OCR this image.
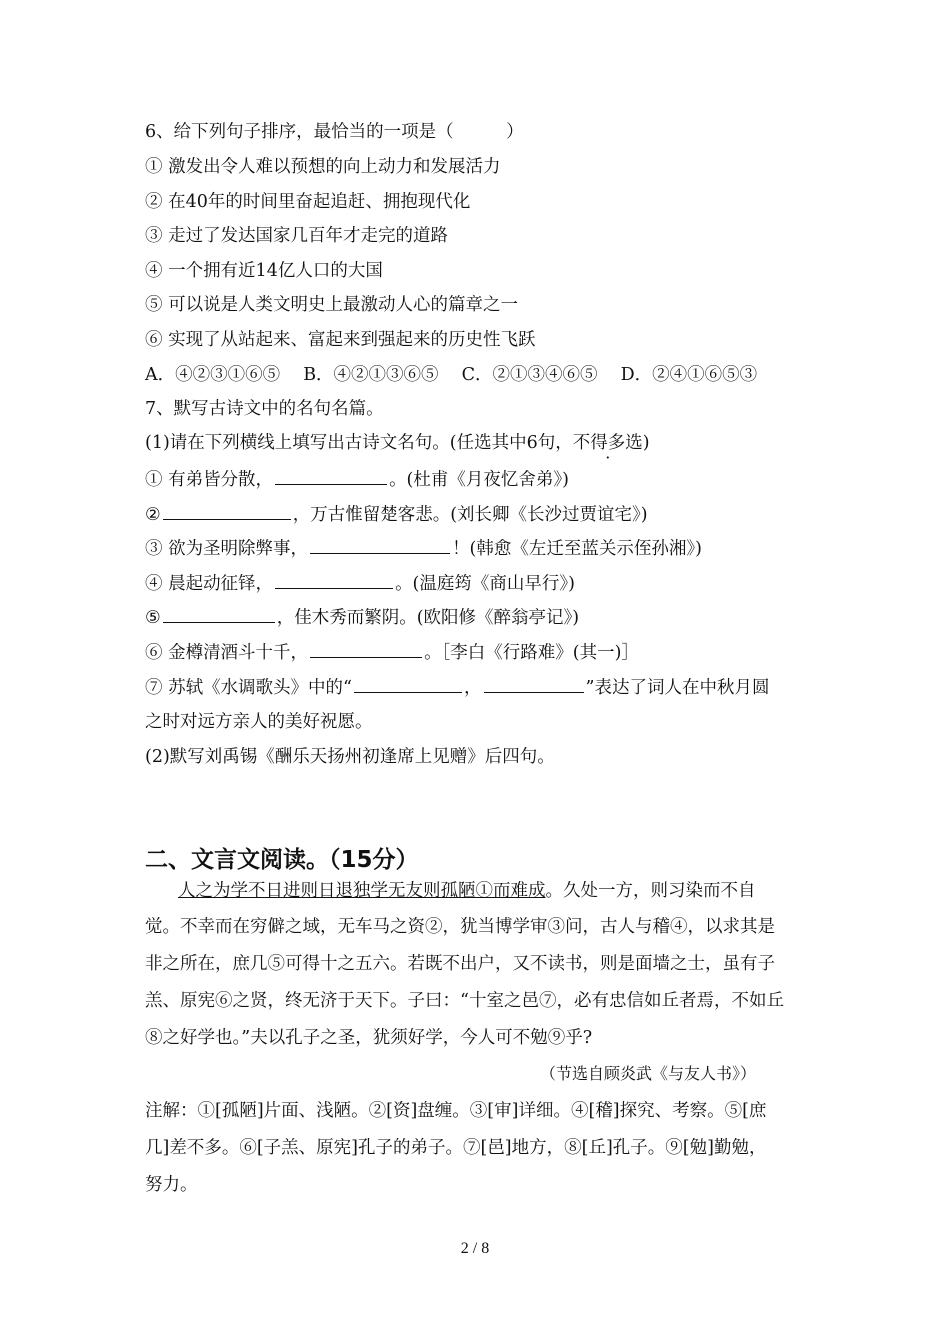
6、给下列句子排序，最恰当的一项是（　　　）
① 激发出令人难以预想的向上动力和发展活力
② 在40年的时间里奋起追赶、拥抱现代化
③ 走过了发达国家几百年才走完的道路
④ 一个拥有近14亿人口的大国
⑤ 可以说是人类文明史上最激动人心的篇章之一
⑥ 实现了从站起来、富起来到强起来的历史性飞跃
A．④②③①⑥⑤　 B．④②①③⑥⑤　 C．②①③④⑥⑤　 D．②④①⑥⑤③
7、默写古诗文中的名句名篇。
(1)请在下列横线上填写出古诗文名句。(任选其中6句，不得多选)
① 有弟皆分散，	。(杜甫《月夜忆舍弟》)
②	，万古惟留楚客悲。(刘长卿《长沙过贾谊宅》)
③ 欲为圣明除弊事，	！(韩愈《左迁至蓝关示侄孙湘》)
④ 晨起动征铎，	。(温庭筠《商山早行》)
⑤	，佳木秀而繁阴。(欧阳修《醉翁亭记》)
⑥ 金樽清酒斗十千，	。［李白《行路难》(其一)］
⑦ 苏轼《水调歌头》中的“	，	”表达了词人在中秋月圆
之时对远方亲人的美好祝愿。
(2)默写刘禹锡《酬乐天扬州初逢席上见赠》后四句。
二、文言文阅读。（15分）
人之为学不日进则日退独学无友则孤陋①而难成。久处一方，则习染而不自
觉。不幸而在穷僻之域，无车马之资②，犹当博学审③问，古人与稽④，以求其是
非之所在，庶几⑤可得十之五六。若既不出户，又不读书，则是面墙之士，虽有子
羔、原宪⑥之贤，终无济于天下。子曰：“十室之邑⑦，必有忠信如丘者焉，不如丘
⑧之好学也。”夫以孔子之圣，犹须好学，今人可不勉⑨乎?
（节选自顾炎武《与友人书》）
注解：①[孤陋]片面、浅陋。②[资]盘缠。③[审]详细。④[稽]探究、考察。⑤[庶
几]差不多。⑥[子羔、原宪]孔子的弟子。⑦[邑]地方，⑧[丘]孔子。⑨[勉]勤勉，
努力。
2 / 8
